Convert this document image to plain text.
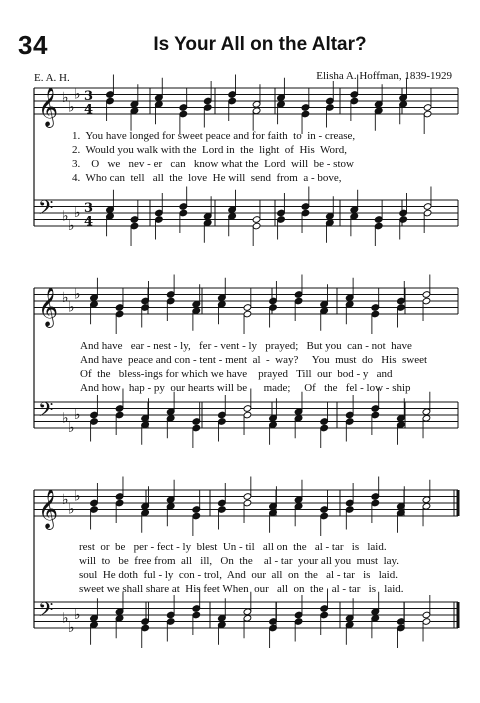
34	Is Your All on the Altar?
E. A. H.	Elisha A. Hoffman, 1839-1929
𝄞 ♭
♭
♭ 3
4
𝄢 ♭
♭
♭ 3
4
𝄞 ♭
♭
♭
𝄢 ♭
♭
♭
𝄞 ♭
♭
♭
𝄢 ♭
♭
♭
1.  You have longed for sweet peace and for faith  to  in - crease,
2.  Would you walk with the  Lord in  the  light  of  His  Word,
3.    O   we   nev - er   can   know what the  Lord  will  be - stow
4.  Who can  tell   all  the  love  He will  send  from  a - bove,
And have   ear - nest - ly,   fer - vent - ly   prayed;   But you  can - not  have
And have  peace and con - tent - ment  al  -  way?     You  must  do   His  sweet
Of  the   bless-ings for which we have    prayed   Till  our  bod - y   and
And how   hap - py  our hearts will be      made;     Of   the   fel - low - ship
rest  or  be   per - fect - ly  blest  Un - til   all on  the   al - tar   is   laid.
will  to   be  free from  all   ill,   On  the    al - tar  your all you  must  lay.
soul  He doth  ful - ly  con - trol,  And  our  all  on  the   al - tar   is   laid.
sweet we shall share at  His feet When  our   all  on  the   al - tar   is   laid.
